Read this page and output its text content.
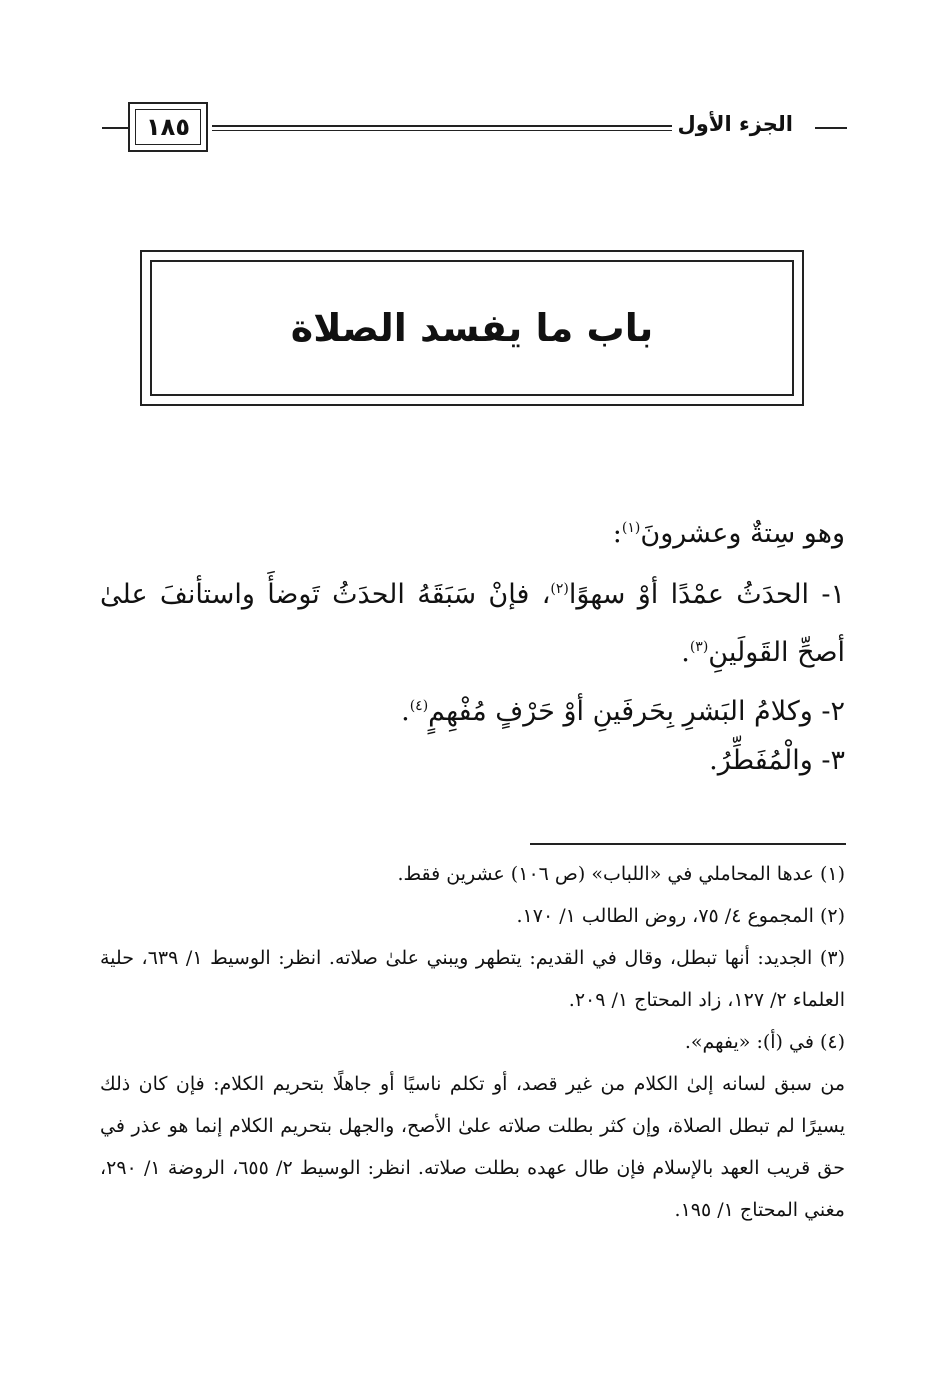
١٨٥	الجزء الأول
باب ما يفسد الصلاة
وهو سِتةٌ وعشرونَ$^{(١)}$:
١- الحدَثُ عمْدًا أوْ سهوًا$^{(٢)}$، فإنْ سَبَقَهُ الحدَثُ تَوضأَ واستأنفَ علىٰ أصحِّ القَولَينِ$^{(٣)}$.
٢- وكلامُ البَشرِ بِحَرفَينِ أوْ حَرْفٍ مُفْهِمٍ$^{(٤)}$.
٣- والْمُفَطِّرُ.
(١) عدها المحاملي في «اللباب» (ص ١٠٦) عشرين فقط.
(٢) المجموع ٤/ ٧٥، روض الطالب ١/ ١٧٠.
(٣) الجديد: أنها تبطل، وقال في القديم: يتطهر ويبني علىٰ صلاته. انظر: الوسيط ١/ ٦٣٩، حلية العلماء ٢/ ١٢٧، زاد المحتاج ١/ ٢٠٩.
(٤) في (أ): «يفهم».
من سبق لسانه إلىٰ الكلام من غير قصد، أو تكلم ناسيًا أو جاهلًا بتحريم الكلام: فإن كان ذلك يسيرًا لم تبطل الصلاة، وإن كثر بطلت صلاته علىٰ الأصح، والجهل بتحريم الكلام إنما هو عذر في حق قريب العهد بالإسلام فإن طال عهده بطلت صلاته. انظر: الوسيط ٢/ ٦٥٥، الروضة ١/ ٢٩٠، مغني المحتاج ١/ ١٩٥.
